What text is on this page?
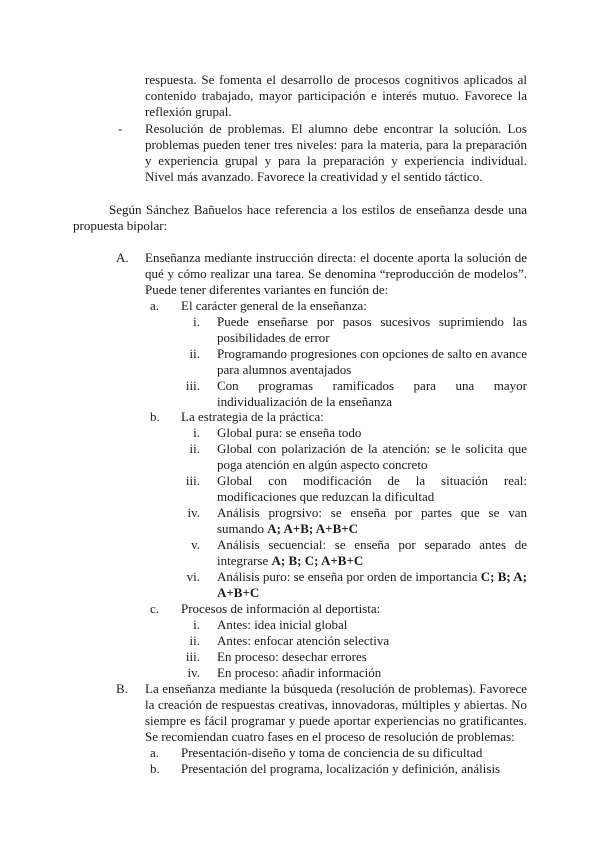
respuesta. Se fomenta el desarrollo de procesos cognitivos aplicados al contenido trabajado, mayor participación e interés mutuo. Favorece la reflexión grupal.

-	Resolución de problemas. El alumno debe encontrar la solución. Los problemas pueden tener tres niveles: para la materia, para la preparación y experiencia grupal y para la preparación y experiencia individual. Nivel más avanzado. Favorece la creatividad y el sentido táctico.

Según Sánchez Bañuelos hace referencia a los estilos de enseñanza desde una propuesta bipolar:

A.	Enseñanza mediante instrucción directa: el docente aporta la solución de qué y cómo realizar una tarea. Se denomina “reproducción de modelos”. Puede tener diferentes variantes en función de:

a.	El carácter general de la enseñanza:
i. Puede enseñarse por pasos sucesivos suprimiendo las posibilidades de error

ii. Programando progresiones con opciones de salto en avance para alumnos aventajados

iii. Con programas ramificados para una mayor individualización de la enseñanza

b.	La estrategia de la práctica:
i. Global pura: se enseña todo

ii. Global con polarización de la atención: se le solicita que poga atención en algún aspecto concreto

iii. Global con modificación de la situación real: modificaciones que reduzcan la dificultad

iv. Análisis progrsivo: se enseña por partes que se van sumando A; A+B; A+B+C

v. Análisis secuencial: se enseña por separado antes de integrarse A; B; C; A+B+C

vi. Análisis puro: se enseña por orden de importancia C; B; A; A+B+C

c.	Procesos de información al deportista:
i. Antes: idea inicial global
ii. Antes: enfocar atención selectiva
iii. En proceso: desechar errores
iv. En proceso: añadir información
B.	La enseñanza mediante la búsqueda (resolución de problemas). Favorece la creación de respuestas creativas, innovadoras, múltiples y abiertas. No siempre es fácil programar y puede aportar experiencias no gratificantes. Se recomiendan cuatro fases en el proceso de resolución de problemas:

a.	Presentación-diseño y toma de conciencia de su dificultad
b.	Presentación del programa, localización y definición, análisis
